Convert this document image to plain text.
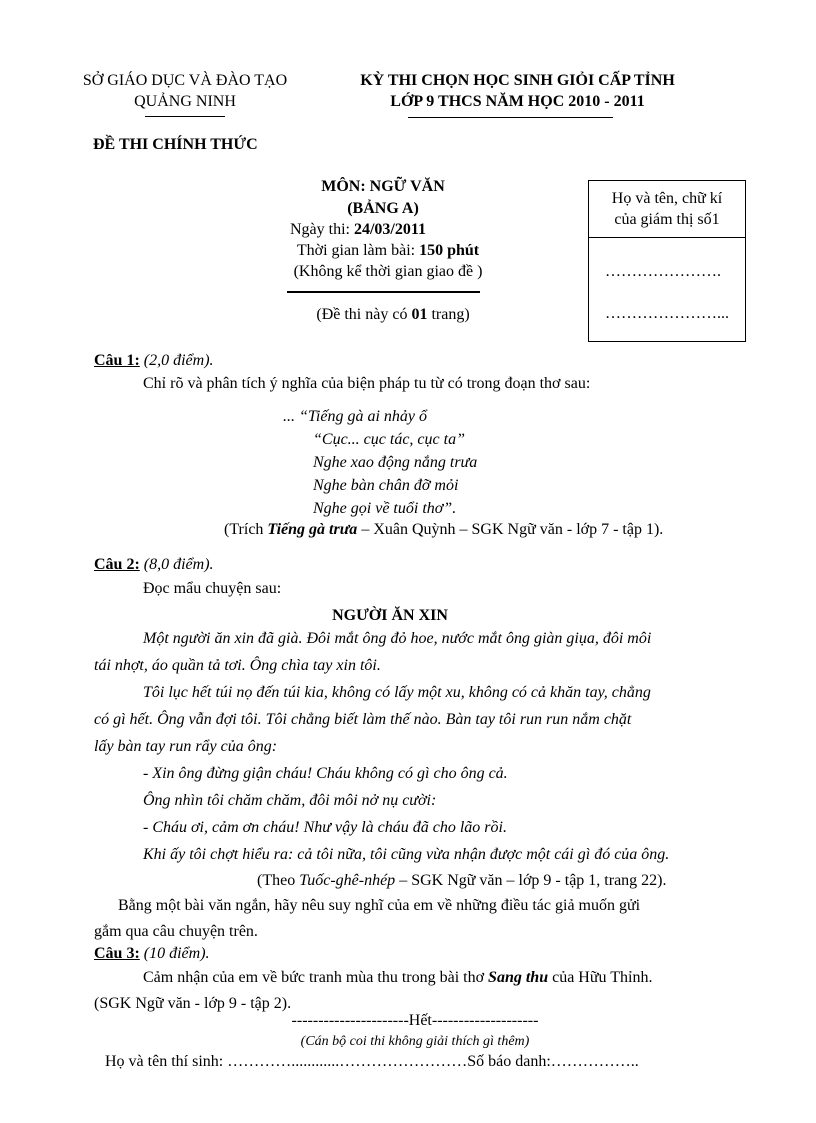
SỞ GIÁO DỤC VÀ ĐÀO TẠO
QUẢNG NINH
KỲ THI CHỌN HỌC SINH GIỎI CẤP TỈNH
LỚP 9 THCS NĂM HỌC 2010 - 2011
ĐỀ THI CHÍNH THỨC
MÔN: NGỮ VĂN
(BẢNG A)
Ngày thi: 24/03/2011
Thời gian làm bài: 150 phút
(Không kể thời gian giao đề )
(Đề thi này có 01 trang)
Họ và tên, chữ kí
của giám thị số1
………………….
…………………...
Câu 1: (2,0 điểm).
Chỉ rõ và phân tích ý nghĩa của biện pháp tu từ có trong đoạn thơ sau:
... “Tiếng gà ai nhảy ổ
“Cục... cục tác, cục ta”
Nghe xao động nắng trưa
Nghe bàn chân đỡ mỏi
Nghe gọi về tuổi thơ”.
(Trích Tiếng gà trưa – Xuân Quỳnh – SGK Ngữ văn - lớp 7 - tập 1).
Câu 2: (8,0 điểm).
Đọc mẩu chuyện sau:
NGƯỜI ĂN XIN
Một người ăn xin đã già. Đôi mắt ông đỏ hoe, nước mắt ông giàn giụa, đôi môi
tái nhợt, áo quần tả tơi. Ông chìa tay xin tôi.
Tôi lục hết túi nọ đến túi kia, không có lấy một xu, không có cả khăn tay, chẳng
có gì hết. Ông vẫn đợi tôi. Tôi chẳng biết làm thế nào. Bàn tay tôi run run nắm chặt
lấy bàn tay run rẩy của ông:
- Xin ông đừng giận cháu! Cháu không có gì cho ông cả.
Ông nhìn tôi chăm chăm, đôi môi nở nụ cười:
- Cháu ơi, cảm ơn cháu! Như vậy là cháu đã cho lão rồi.
Khi ấy tôi chợt hiểu ra: cả tôi nữa, tôi cũng vừa nhận được một cái gì đó của ông.
(Theo Tuốc-ghê-nhép – SGK Ngữ văn – lớp 9 - tập 1, trang 22).
Bằng một bài văn ngắn, hãy nêu suy nghĩ của em về những điều tác giả muốn gửi
gắm qua câu chuyện trên.
Câu 3: (10 điểm).
Cảm nhận của em về bức tranh mùa thu trong bài thơ Sang thu của Hữu Thỉnh.
(SGK Ngữ văn - lớp 9 - tập 2).
----------------------Hết--------------------
(Cán bộ coi thi không giải thích gì thêm)
Họ và tên thí sinh: …………............……………………Số báo danh:……………..
